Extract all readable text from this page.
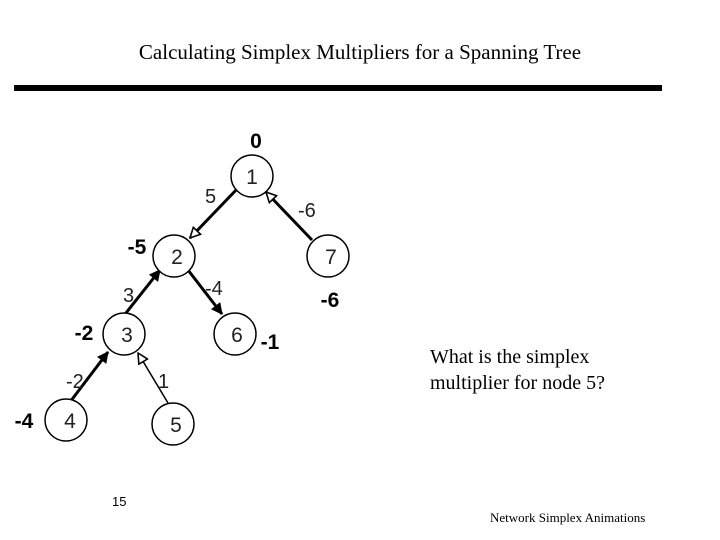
Calculating Simplex Multipliers for a Spanning Tree
5
-6
3	-4
-2	1
1
2	7
3	6
4	5
0
-5
-6
-2	-1
-4
What is the simplex multiplier for node 5?
15
Network Simplex Animations
